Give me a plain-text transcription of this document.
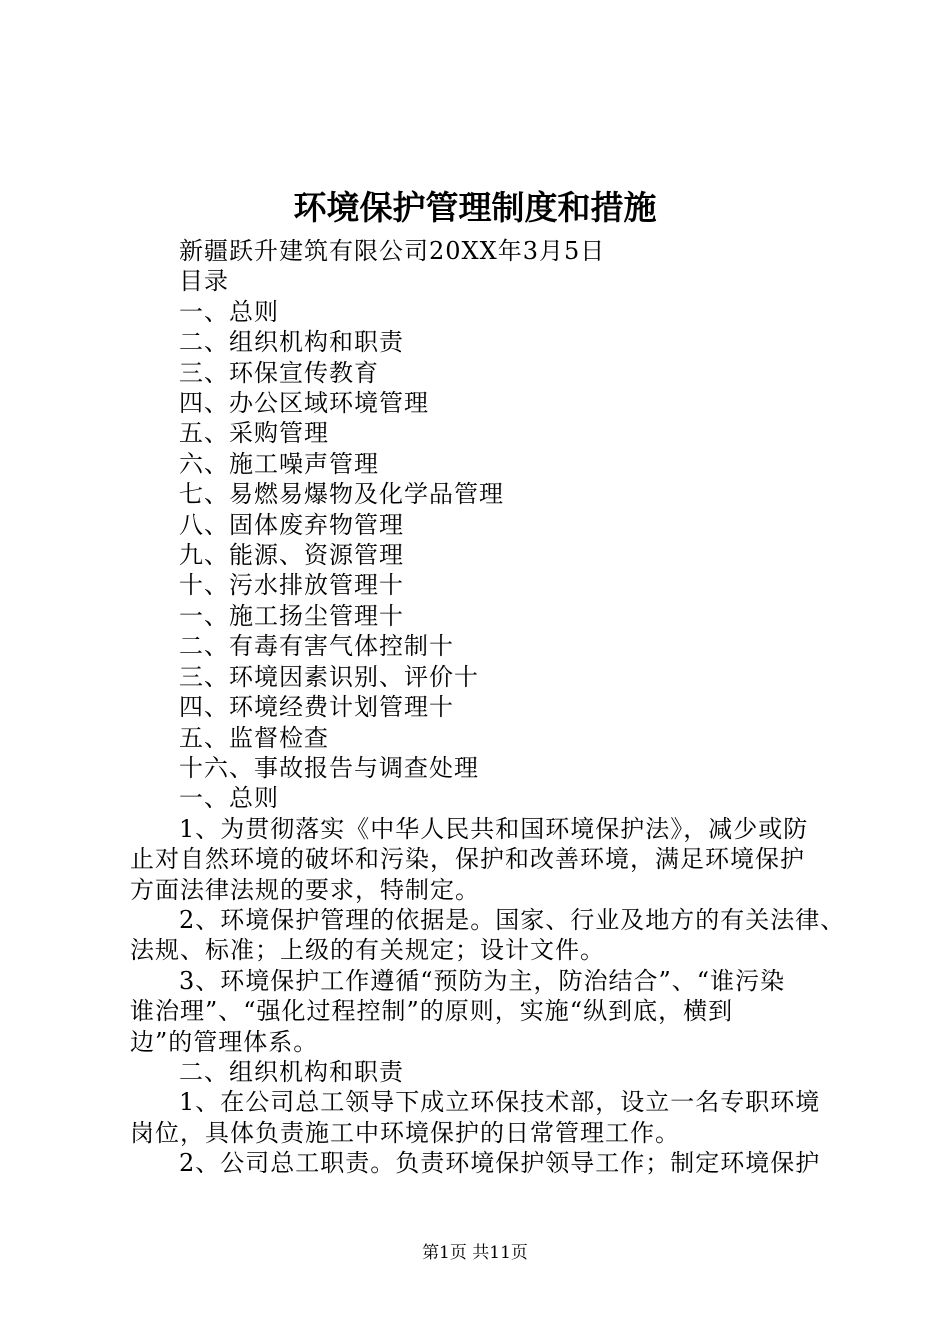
环境保护管理制度和措施
新疆跃升建筑有限公司20XX年3月5日
目录
一、总则
二、组织机构和职责
三、环保宣传教育
四、办公区域环境管理
五、采购管理
六、施工噪声管理
七、易燃易爆物及化学品管理
八、固体废弃物管理
九、能源、资源管理
十、污水排放管理十
一、施工扬尘管理十
二、有毒有害气体控制十
三、环境因素识别、评价十
四、环境经费计划管理十
五、监督检查
十六、事故报告与调查处理
一、总则
1、为贯彻落实《中华人民共和国环境保护法》，减少或防
止对自然环境的破坏和污染，保护和改善环境，满足环境保护
方面法律法规的要求，特制定。
2、环境保护管理的依据是。国家、行业及地方的有关法律、
法规、标准；上级的有关规定；设计文件。
3、环境保护工作遵循“预防为主，防治结合”、“谁污染
谁治理”、“强化过程控制”的原则，实施“纵到底，横到
边”的管理体系。
二、组织机构和职责
1、在公司总工领导下成立环保技术部，设立一名专职环境
岗位，具体负责施工中环境保护的日常管理工作。
2、公司总工职责。负责环境保护领导工作；制定环境保护
第1页 共11页
